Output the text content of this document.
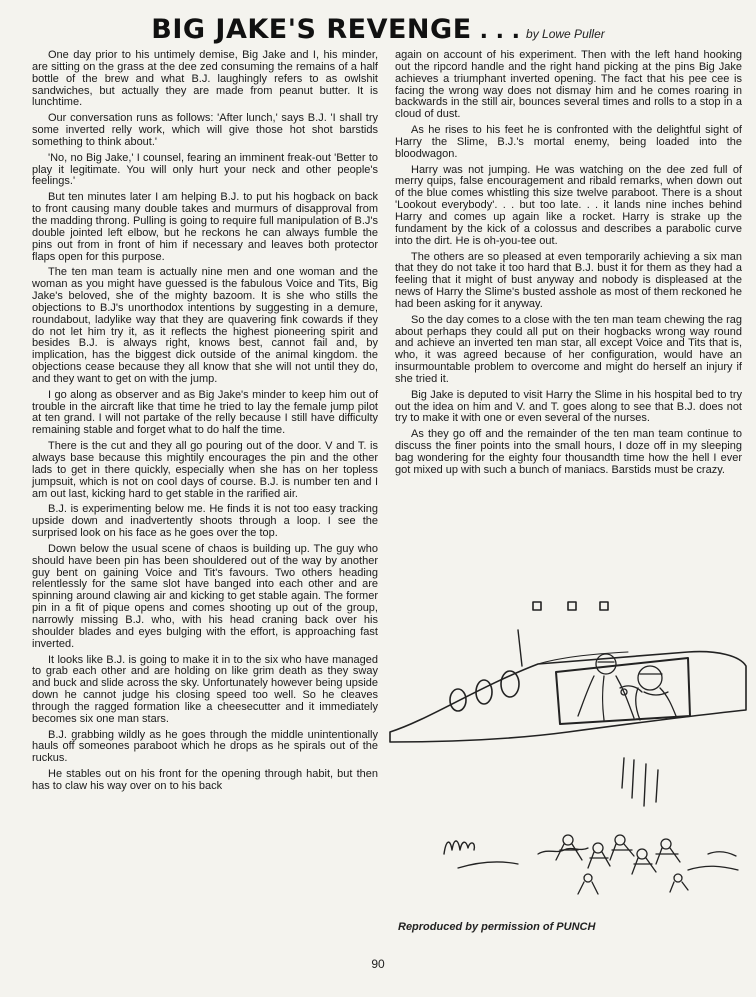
BIG JAKE'S REVENGE . . . by Lowe Puller

One day prior to his untimely demise, Big Jake and I, his minder, are sitting on the grass at the dee zed consuming the remains of a half bottle of the brew and what B.J. laughingly refers to as owlshit sandwiches, but actually they are made from peanut butter. It is lunchtime.

Our conversation runs as follows: 'After lunch,' says B.J. 'I shall try some inverted relly work, which will give those hot shot barstids something to think about.'

'No, no Big Jake,' I counsel, fearing an imminent freak-out 'Better to play it legitimate. You will only hurt your neck and other people's feelings.'

But ten minutes later I am helping B.J. to put his hogback on back to front causing many double takes and murmurs of disapproval from the madding throng. Pulling is going to require full manipulation of B.J's double jointed left elbow, but he reckons he can always fumble the pins out from in front of him if necessary and leaves both protector flaps open for this purpose.

The ten man team is actually nine men and one woman and the woman as you might have guessed is the fabulous Voice and Tits, Big Jake's beloved, she of the mighty bazoom. It is she who stills the objections to B.J's unorthodox intentions by suggesting in a demure, roundabout, ladylike way that they are quavering fink cowards if they do not let him try it, as it reflects the highest pioneering spirit and besides B.J. is always right, knows best, cannot fail and, by implication, has the biggest dick outside of the animal kingdom. the objections cease because they all know that she will not until they do, and they want to get on with the jump.

I go along as observer and as Big Jake's minder to keep him out of trouble in the aircraft like that time he tried to lay the female jump pilot at ten grand. I will not partake of the relly because I still have difficulty remaining stable and forget what to do half the time.

There is the cut and they all go pouring out of the door. V and T. is always base because this mightily encourages the pin and the other lads to get in there quickly, especially when she has on her topless jumpsuit, which is not on cool days of course. B.J. is number ten and I am out last, kicking hard to get stable in the rarified air.

B.J. is experimenting below me. He finds it is not too easy tracking upside down and inadvertently shoots through a loop. I see the surprised look on his face as he goes over the top.

Down below the usual scene of chaos is building up. The guy who should have been pin has been shouldered out of the way by another guy bent on gaining Voice and Tit's favours. Two others heading relentlessly for the same slot have banged into each other and are spinning around clawing air and kicking to get stable again. The former pin in a fit of pique opens and comes shooting up out of the group, narrowly missing B.J. who, with his head craning back over his shoulder blades and eyes bulging with the effort, is approaching fast inverted.

It looks like B.J. is going to make it in to the six who have managed to grab each other and are holding on like grim death as they sway and buck and slide across the sky. Unfortunately however being upside down he cannot judge his closing speed too well. So he cleaves through the ragged formation like a cheesecutter and it immediately becomes six one man stars.

B.J. grabbing wildly as he goes through the middle unintentionally hauls off someones paraboot which he drops as he spirals out of the ruckus.

He stables out on his front for the opening through habit, but then has to claw his way over on to his back

again on account of his experiment. Then with the left hand hooking out the ripcord handle and the right hand picking at the pins Big Jake achieves a triumphant inverted opening. The fact that his pee cee is facing the wrong way does not dismay him and he comes roaring in backwards in the still air, bounces several times and rolls to a stop in a cloud of dust.

As he rises to his feet he is confronted with the delightful sight of Harry the Slime, B.J.'s mortal enemy, being loaded into the bloodwagon.

Harry was not jumping. He was watching on the dee zed full of merry quips, false encouragement and ribald remarks, when down out of the blue comes whistling this size twelve paraboot. There is a shout 'Lookout everybody'. . . but too late. . . it lands nine inches behind Harry and comes up again like a rocket. Harry is strake up the fundament by the kick of a colossus and describes a parabolic curve into the dirt. He is oh-you-tee out.

The others are so pleased at even temporarily achieving a six man that they do not take it too hard that B.J. bust it for them as they had a feeling that it might of bust anyway and nobody is displeased at the news of Harry the Slime's busted asshole as most of them reckoned he had been asking for it anyway.

So the day comes to a close with the ten man team chewing the rag about perhaps they could all put on their hogbacks wrong way round and achieve an inverted ten man star, all except Voice and Tits that is, who, it was agreed because of her configuration, would have an insurmountable problem to overcome and might do herself an injury if she tried it.

Big Jake is deputed to visit Harry the Slime in his hospital bed to try out the idea on him and V. and T. goes along to see that B.J. does not try to make it with one or even several of the nurses.

As they go off and the remainder of the ten man team continue to discuss the finer points into the small hours, I doze off in my sleeping bag wondering for the eighty four thousandth time how the hell I ever got mixed up with such a bunch of maniacs. Barstids must be crazy.

Reproduced by permission of PUNCH
90
